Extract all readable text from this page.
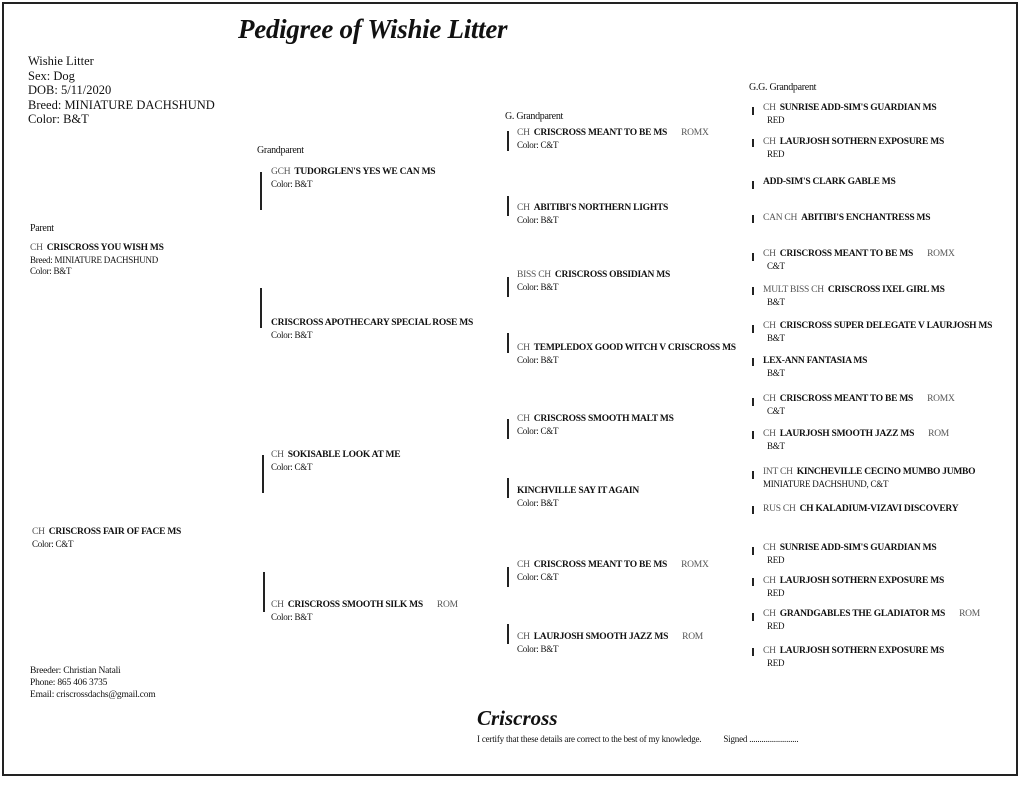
Pedigree of Wishie Litter
Wishie Litter
Sex: Dog
DOB: 5/11/2020
Breed: MINIATURE DACHSHUND
Color: B&T
Parent
Grandparent
G. Grandparent
G.G. Grandparent
CH CRISCROSS YOU WISH MS
Breed: MINIATURE DACHSHUND
Color: B&T
CH CRISCROSS FAIR OF FACE MS
Color: C&T
GCH TUDORGLEN'S YES WE CAN MS
Color: B&T
CRISCROSS APOTHECARY SPECIAL ROSE MS
Color: B&T
CH SOKISABLE LOOK AT ME
Color: C&T
CH CRISCROSS SMOOTH SILK MS ROM
Color: B&T
CH CRISCROSS MEANT TO BE MS ROMX
Color: C&T
CH ABITIBI'S NORTHERN LIGHTS
Color: B&T
BISS CH CRISCROSS OBSIDIAN MS
Color: B&T
CH TEMPLEDOX GOOD WITCH V CRISCROSS MS
Color: B&T
CH CRISCROSS SMOOTH MALT MS
Color: C&T
KINCHVILLE SAY IT AGAIN
Color: B&T
CH CRISCROSS MEANT TO BE MS ROMX
Color: C&T
CH LAURJOSH SMOOTH JAZZ MS ROM
Color: B&T
CH SUNRISE ADD-SIM'S GUARDIAN MS
RED
CH LAURJOSH SOTHERN EXPOSURE MS
RED
ADD-SIM'S CLARK GABLE MS
CAN CH ABITIBI'S ENCHANTRESS MS
CH CRISCROSS MEANT TO BE MS ROMX
C&T
MULT BISS CH CRISCROSS IXEL GIRL MS
B&T
CH CRISCROSS SUPER DELEGATE V LAURJOSH MS
B&T
LEX-ANN FANTASIA MS
B&T
CH CRISCROSS MEANT TO BE MS ROMX
C&T
CH LAURJOSH SMOOTH JAZZ MS ROM
B&T
INT CH KINCHEVILLE CECINO MUMBO JUMBO
MINIATURE DACHSHUND, C&T
RUS CH CH KALADIUM-VIZAVI DISCOVERY
CH SUNRISE ADD-SIM'S GUARDIAN MS
RED
CH LAURJOSH SOTHERN EXPOSURE MS
RED
CH GRANDGABLES THE GLADIATOR MS ROM
RED
CH LAURJOSH SOTHERN EXPOSURE MS
RED
Breeder: Christian Natali
Phone: 865 406 3735
Email: criscrossdachs@gmail.com
Criscross
I certify that these details are correct to the best of my knowledge. Signed ........................
